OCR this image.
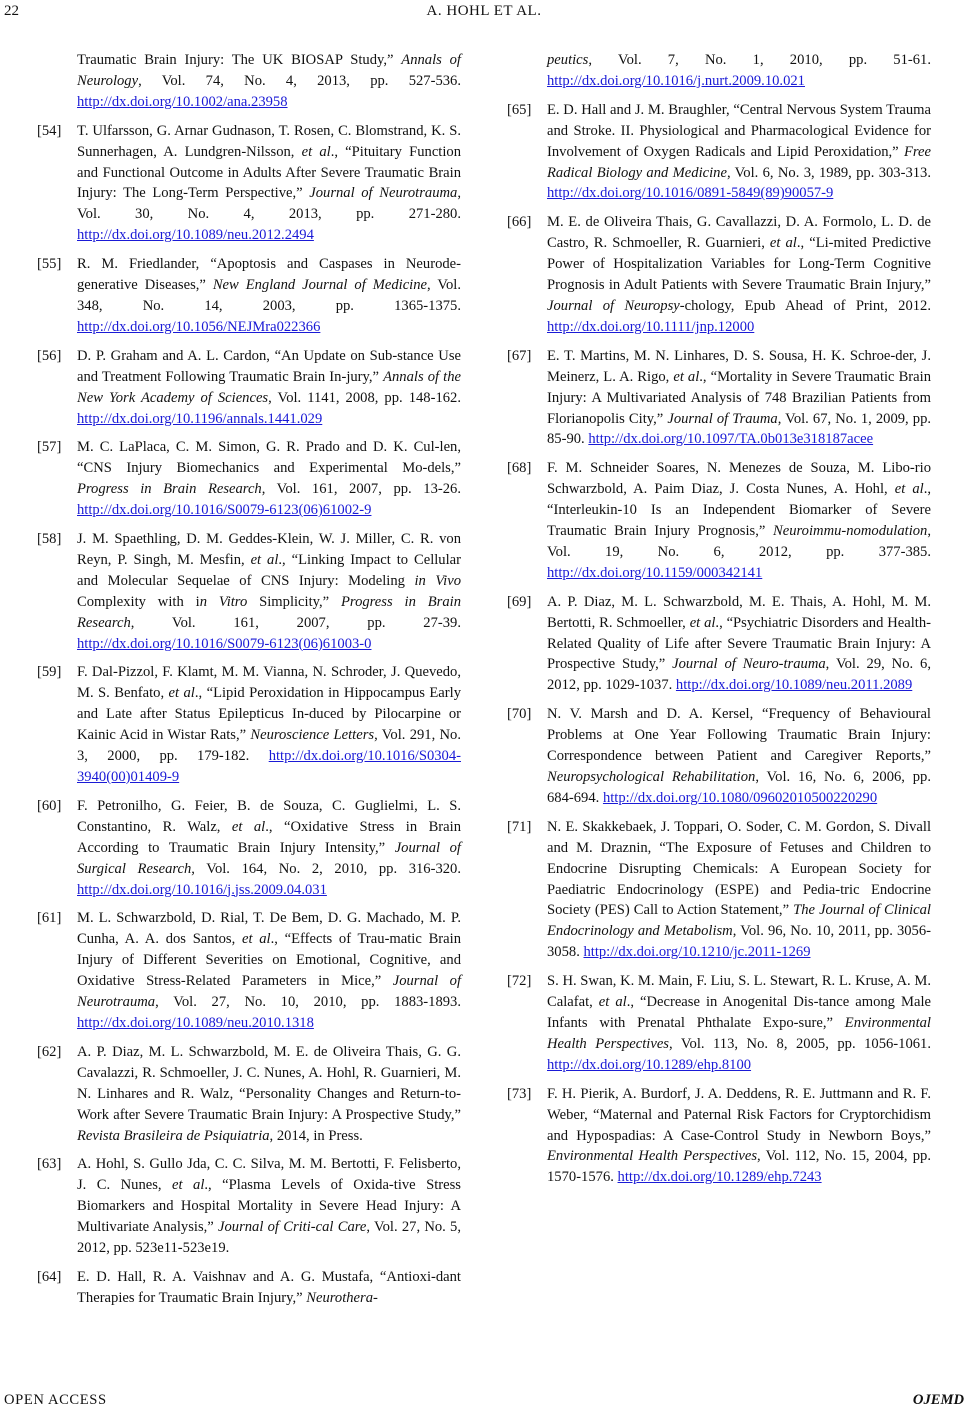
22	A. HOHL ET AL.
Traumatic Brain Injury: The UK BIOSAP Study,” Annals of Neurology, Vol. 74, No. 4, 2013, pp. 527-536. http://dx.doi.org/10.1002/ana.23958
[54]	T. Ulfarsson, G. Arnar Gudnason, T. Rosen, C. Blomstrand, K. S. Sunnerhagen, A. Lundgren-Nilsson, et al., “Pituitary Function and Functional Outcome in Adults After Severe Traumatic Brain Injury: The Long-Term Perspective,” Journal of Neurotrauma, Vol. 30, No. 4, 2013, pp. 271-280. http://dx.doi.org/10.1089/neu.2012.2494
[55]	R. M. Friedlander, “Apoptosis and Caspases in Neurode-generative Diseases,” New England Journal of Medicine, Vol. 348, No. 14, 2003, pp. 1365-1375. http://dx.doi.org/10.1056/NEJMra022366
[56]	D. P. Graham and A. L. Cardon, “An Update on Sub-stance Use and Treatment Following Traumatic Brain In-jury,” Annals of the New York Academy of Sciences, Vol. 1141, 2008, pp. 148-162. http://dx.doi.org/10.1196/annals.1441.029
[57]	M. C. LaPlaca, C. M. Simon, G. R. Prado and D. K. Cul-len, “CNS Injury Biomechanics and Experimental Mo-dels,” Progress in Brain Research, Vol. 161, 2007, pp. 13-26. http://dx.doi.org/10.1016/S0079-6123(06)61002-9
[58]	J. M. Spaethling, D. M. Geddes-Klein, W. J. Miller, C. R. von Reyn, P. Singh, M. Mesfin, et al., “Linking Impact to Cellular and Molecular Sequelae of CNS Injury: Modeling in Vivo Complexity with in Vitro Simplicity,” Progress in Brain Research, Vol. 161, 2007, pp. 27-39. http://dx.doi.org/10.1016/S0079-6123(06)61003-0
[59]	F. Dal-Pizzol, F. Klamt, M. M. Vianna, N. Schroder, J. Quevedo, M. S. Benfato, et al., “Lipid Peroxidation in Hippocampus Early and Late after Status Epilepticus In-duced by Pilocarpine or Kainic Acid in Wistar Rats,” Neuroscience Letters, Vol. 291, No. 3, 2000, pp. 179-182. http://dx.doi.org/10.1016/S0304-3940(00)01409-9
[60]	F. Petronilho, G. Feier, B. de Souza, C. Guglielmi, L. S. Constantino, R. Walz, et al., “Oxidative Stress in Brain According to Traumatic Brain Injury Intensity,” Journal of Surgical Research, Vol. 164, No. 2, 2010, pp. 316-320. http://dx.doi.org/10.1016/j.jss.2009.04.031
[61]	M. L. Schwarzbold, D. Rial, T. De Bem, D. G. Machado, M. P. Cunha, A. A. dos Santos, et al., “Effects of Trau-matic Brain Injury of Different Severities on Emotional, Cognitive, and Oxidative Stress-Related Parameters in Mice,” Journal of Neurotrauma, Vol. 27, No. 10, 2010, pp. 1883-1893. http://dx.doi.org/10.1089/neu.2010.1318
[62]	A. P. Diaz, M. L. Schwarzbold, M. E. de Oliveira Thais, G. G. Cavalazzi, R. Schmoeller, J. C. Nunes, A. Hohl, R. Guarnieri, M. N. Linhares and R. Walz, “Personality Changes and Return-to-Work after Severe Traumatic Brain Injury: A Prospective Study,” Revista Brasileira de Psiquiatria, 2014, in Press.
[63]	A. Hohl, S. Gullo Jda, C. C. Silva, M. M. Bertotti, F. Felisberto, J. C. Nunes, et al., “Plasma Levels of Oxida-tive Stress Biomarkers and Hospital Mortality in Severe Head Injury: A Multivariate Analysis,” Journal of Criti-cal Care, Vol. 27, No. 5, 2012, pp. 523e11-523e19.
[64]	E. D. Hall, R. A. Vaishnav and A. G. Mustafa, “Antioxi-dant Therapies for Traumatic Brain Injury,” Neurothera-
peutics, Vol. 7, No. 1, 2010, pp. 51-61. http://dx.doi.org/10.1016/j.nurt.2009.10.021
[65]	E. D. Hall and J. M. Braughler, “Central Nervous System Trauma and Stroke. II. Physiological and Pharmacological Evidence for Involvement of Oxygen Radicals and Lipid Peroxidation,” Free Radical Biology and Medicine, Vol. 6, No. 3, 1989, pp. 303-313. http://dx.doi.org/10.1016/0891-5849(89)90057-9
[66]	M. E. de Oliveira Thais, G. Cavallazzi, D. A. Formolo, L. D. de Castro, R. Schmoeller, R. Guarnieri, et al., “Li-mited Predictive Power of Hospitalization Variables for Long-Term Cognitive Prognosis in Adult Patients with Severe Traumatic Brain Injury,” Journal of Neuropsy-chology, Epub Ahead of Print, 2012. http://dx.doi.org/10.1111/jnp.12000
[67]	E. T. Martins, M. N. Linhares, D. S. Sousa, H. K. Schroe-der, J. Meinerz, L. A. Rigo, et al., “Mortality in Severe Traumatic Brain Injury: A Multivariated Analysis of 748 Brazilian Patients from Florianopolis City,” Journal of Trauma, Vol. 67, No. 1, 2009, pp. 85-90. http://dx.doi.org/10.1097/TA.0b013e318187acee
[68]	F. M. Schneider Soares, N. Menezes de Souza, M. Libo-rio Schwarzbold, A. Paim Diaz, J. Costa Nunes, A. Hohl, et al., “Interleukin-10 Is an Independent Biomarker of Severe Traumatic Brain Injury Prognosis,” Neuroimmu-nomodulation, Vol. 19, No. 6, 2012, pp. 377-385. http://dx.doi.org/10.1159/000342141
[69]	A. P. Diaz, M. L. Schwarzbold, M. E. Thais, A. Hohl, M. M. Bertotti, R. Schmoeller, et al., “Psychiatric Disorders and Health-Related Quality of Life after Severe Traumatic Brain Injury: A Prospective Study,” Journal of Neuro-trauma, Vol. 29, No. 6, 2012, pp. 1029-1037. http://dx.doi.org/10.1089/neu.2011.2089
[70]	N. V. Marsh and D. A. Kersel, “Frequency of Behavioural Problems at One Year Following Traumatic Brain Injury: Correspondence between Patient and Caregiver Reports,” Neuropsychological Rehabilitation, Vol. 16, No. 6, 2006, pp. 684-694. http://dx.doi.org/10.1080/09602010500220290
[71]	N. E. Skakkebaek, J. Toppari, O. Soder, C. M. Gordon, S. Divall and M. Draznin, “The Exposure of Fetuses and Children to Endocrine Disrupting Chemicals: A European Society for Paediatric Endocrinology (ESPE) and Pedia-tric Endocrine Society (PES) Call to Action Statement,” The Journal of Clinical Endocrinology and Metabolism, Vol. 96, No. 10, 2011, pp. 3056-3058. http://dx.doi.org/10.1210/jc.2011-1269
[72]	S. H. Swan, K. M. Main, F. Liu, S. L. Stewart, R. L. Kruse, A. M. Calafat, et al., “Decrease in Anogenital Dis-tance among Male Infants with Prenatal Phthalate Expo-sure,” Environmental Health Perspectives, Vol. 113, No. 8, 2005, pp. 1056-1061. http://dx.doi.org/10.1289/ehp.8100
[73]	F. H. Pierik, A. Burdorf, J. A. Deddens, R. E. Juttmann and R. F. Weber, “Maternal and Paternal Risk Factors for Cryptorchidism and Hypospadias: A Case-Control Study in Newborn Boys,” Environmental Health Perspectives, Vol. 112, No. 15, 2004, pp. 1570-1576. http://dx.doi.org/10.1289/ehp.7243
OPEN ACCESS	OJEMD
